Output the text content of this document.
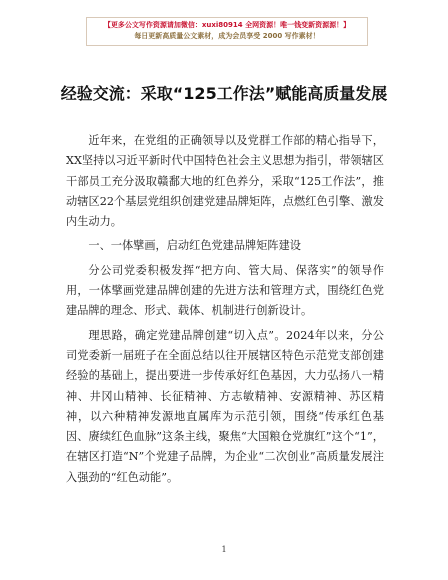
【更多公文写作资源请加微信：xuxi80914 全网资源！唯一钱变新资源源！】
每日更新高质量公文素材，成为会员享受 2000 写作素材！
经验交流：采取“125工作法”赋能高质量发展

近年来，在党组的正确领导以及党群工作部的精心指导下，XX坚持以习近平新时代中国特色社会主义思想为指引，带领辖区干部员工充分汲取赣鄱大地的红色养分，采取“125工作法”，推动辖区22个基层党组织创建党建品牌矩阵，点燃红色引擎、激发内生动力。

一、一体擘画，启动红色党建品牌矩阵建设

分公司党委积极发挥“把方向、管大局、保落实”的领导作用，一体擘画党建品牌创建的先进方法和管理方式，围绕红色党建品牌的理念、形式、载体、机制进行创新设计。

理思路，确定党建品牌创建“切入点”。2024年以来，分公司党委新一届班子在全面总结以往开展辖区特色示范党支部创建经验的基础上，提出要进一步传承好红色基因，大力弘扬八一精神、井冈山精神、长征精神、方志敏精神、安源精神、苏区精神，以六种精神发源地直属库为示范引领，围绕“传承红色基因、赓续红色血脉”这条主线，聚焦“大国粮仓党旗红”这个“1”，在辖区打造“N”个党建子品牌，为企业“二次创业”高质量发展注入强劲的“红色动能”。

1
